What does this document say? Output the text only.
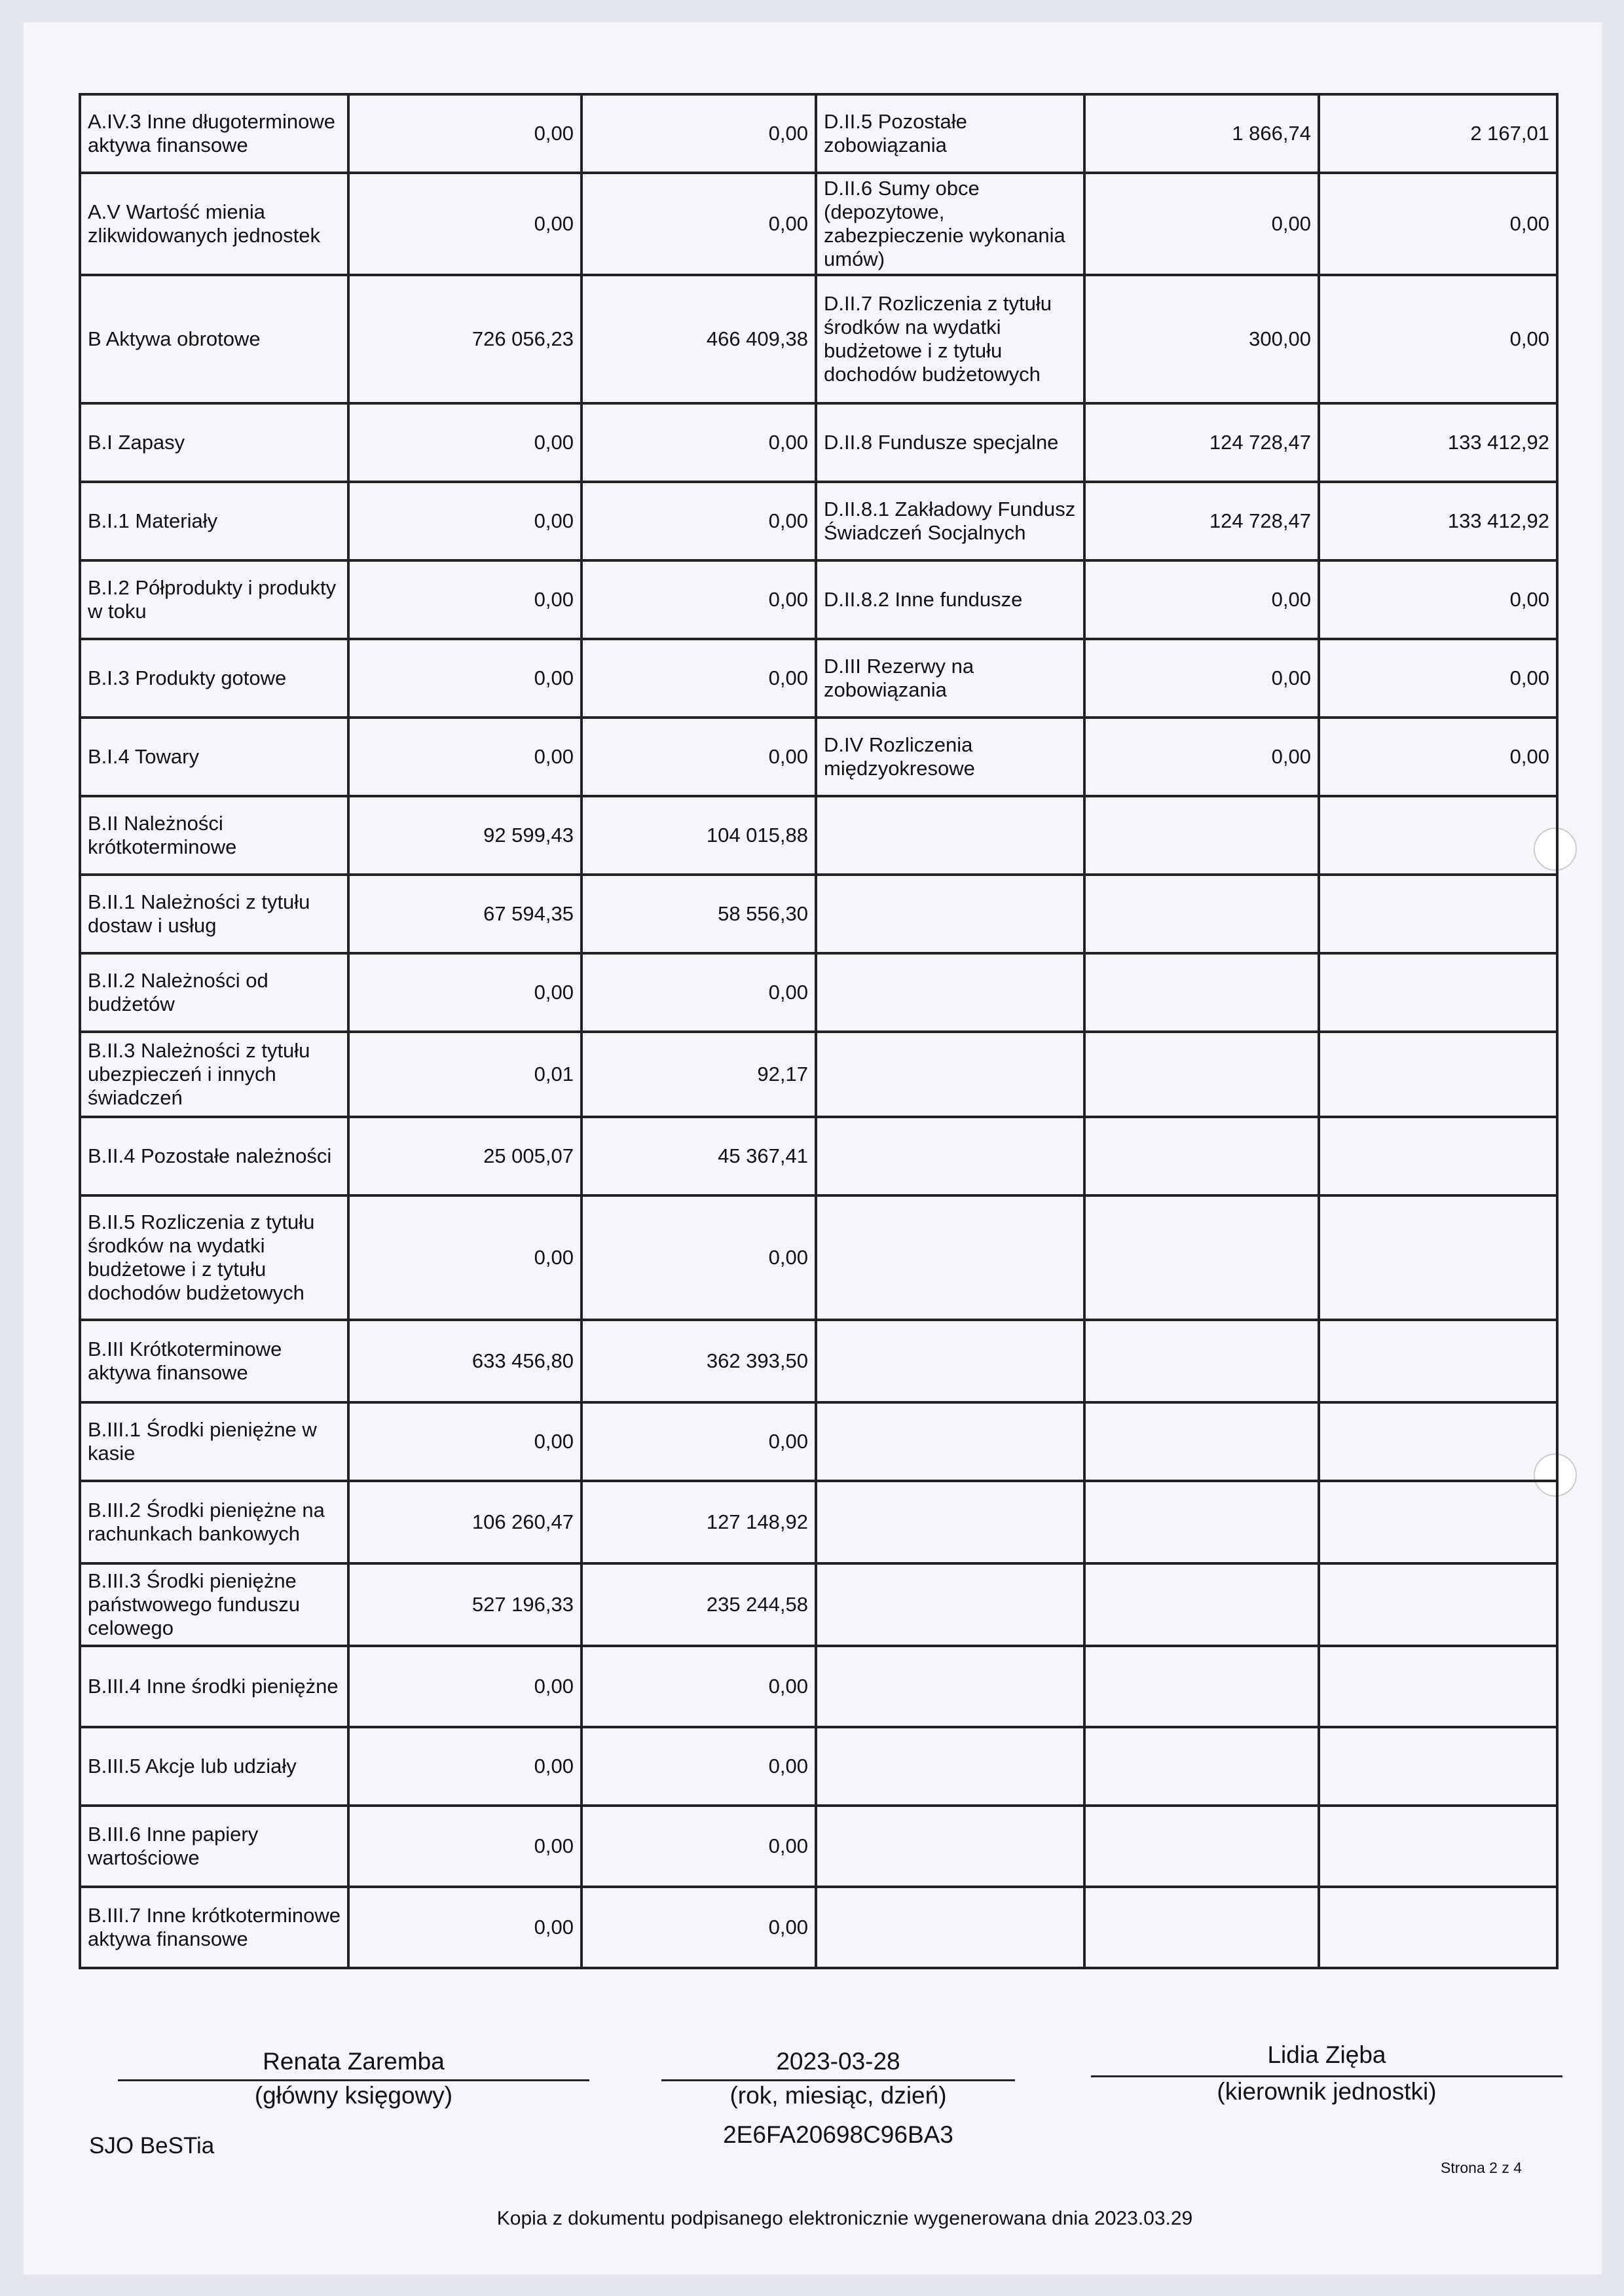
A.IV.3 Inne długoterminowe aktywa finansowe	0,00	0,00	D.II.5 Pozostałe zobowiązania	1 866,74	2 167,01
A.V Wartość mienia zlikwidowanych jednostek	0,00	0,00	D.II.6 Sumy obce (depozytowe, zabezpieczenie wykonania umów)	0,00	0,00
B Aktywa obrotowe	726 056,23	466 409,38	D.II.7 Rozliczenia z tytułu środków na wydatki budżetowe i z tytułu dochodów budżetowych	300,00	0,00
B.I Zapasy	0,00	0,00	D.II.8 Fundusze specjalne	124 728,47	133 412,92
B.I.1 Materiały	0,00	0,00	D.II.8.1 Zakładowy Fundusz Świadczeń Socjalnych	124 728,47	133 412,92
B.I.2 Półprodukty i produkty w toku	0,00	0,00	D.II.8.2 Inne fundusze	0,00	0,00
B.I.3 Produkty gotowe	0,00	0,00	D.III Rezerwy na zobowiązania	0,00	0,00
B.I.4 Towary	0,00	0,00	D.IV Rozliczenia międzyokresowe	0,00	0,00
B.II Należności krótkoterminowe	92 599,43	104 015,88			
B.II.1 Należności z tytułu dostaw i usług	67 594,35	58 556,30			
B.II.2 Należności od budżetów	0,00	0,00			
B.II.3 Należności z tytułu ubezpieczeń i innych świadczeń	0,01	92,17			
B.II.4 Pozostałe należności	25 005,07	45 367,41			
B.II.5 Rozliczenia z tytułu środków na wydatki budżetowe i z tytułu dochodów budżetowych	0,00	0,00			
B.III Krótkoterminowe aktywa finansowe	633 456,80	362 393,50			
B.III.1 Środki pieniężne w kasie	0,00	0,00			
B.III.2 Środki pieniężne na rachunkach bankowych	106 260,47	127 148,92			
B.III.3 Środki pieniężne państwowego funduszu celowego	527 196,33	235 244,58			
B.III.4 Inne środki pieniężne	0,00	0,00			
B.III.5 Akcje lub udziały	0,00	0,00			
B.III.6 Inne papiery wartościowe	0,00	0,00			
B.III.7 Inne krótkoterminowe aktywa finansowe	0,00	0,00			
Renata Zaremba
(główny księgowy)
2023-03-28
(rok, miesiąc, dzień)
Lidia Zięba
(kierownik jednostki)
SJO BeSTia	2E6FA20698C96BA3
Strona 2 z 4
Kopia z dokumentu podpisanego elektronicznie wygenerowana dnia 2023.03.29
